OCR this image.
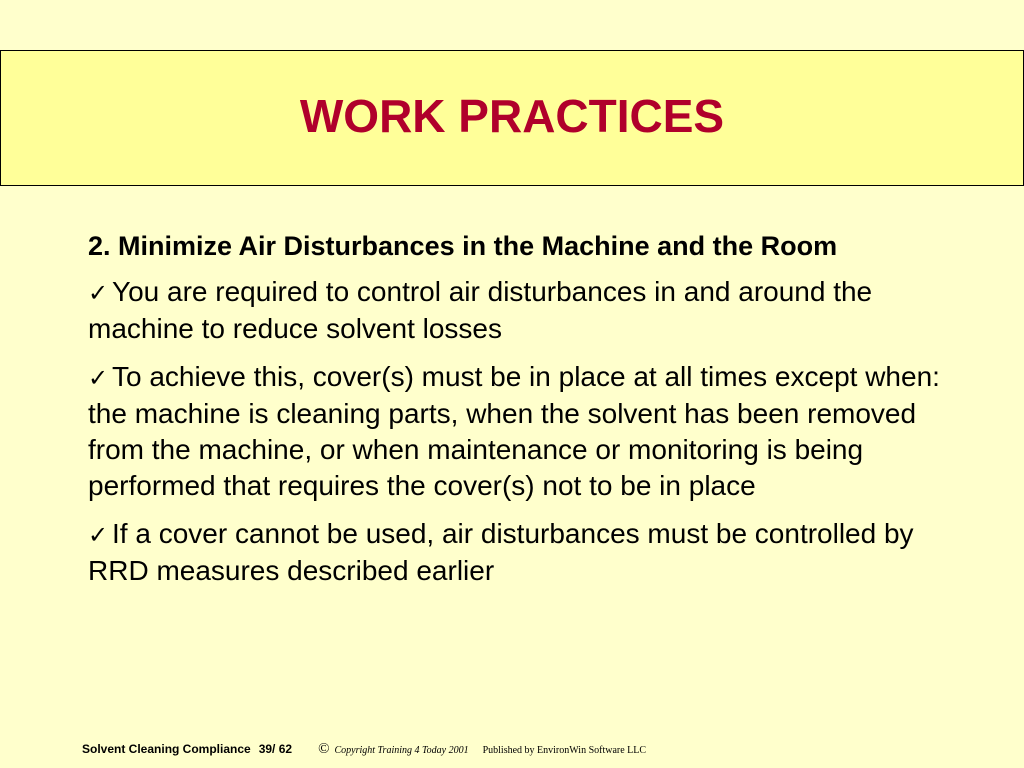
WORK PRACTICES
2. Minimize Air Disturbances in the Machine and the Room
✓ You are required to control air disturbances in and around the machine to reduce solvent losses
✓ To achieve this, cover(s) must be in place at all times except when: the machine is cleaning parts, when the solvent has been removed from the machine, or when maintenance or monitoring is being performed that requires the cover(s) not to be in place
✓ If a cover cannot be used, air disturbances must be controlled by RRD measures described earlier
Solvent Cleaning Compliance 39/ 62 © Copyright Training 4 Today 2001 Published by EnvironWin Software LLC
